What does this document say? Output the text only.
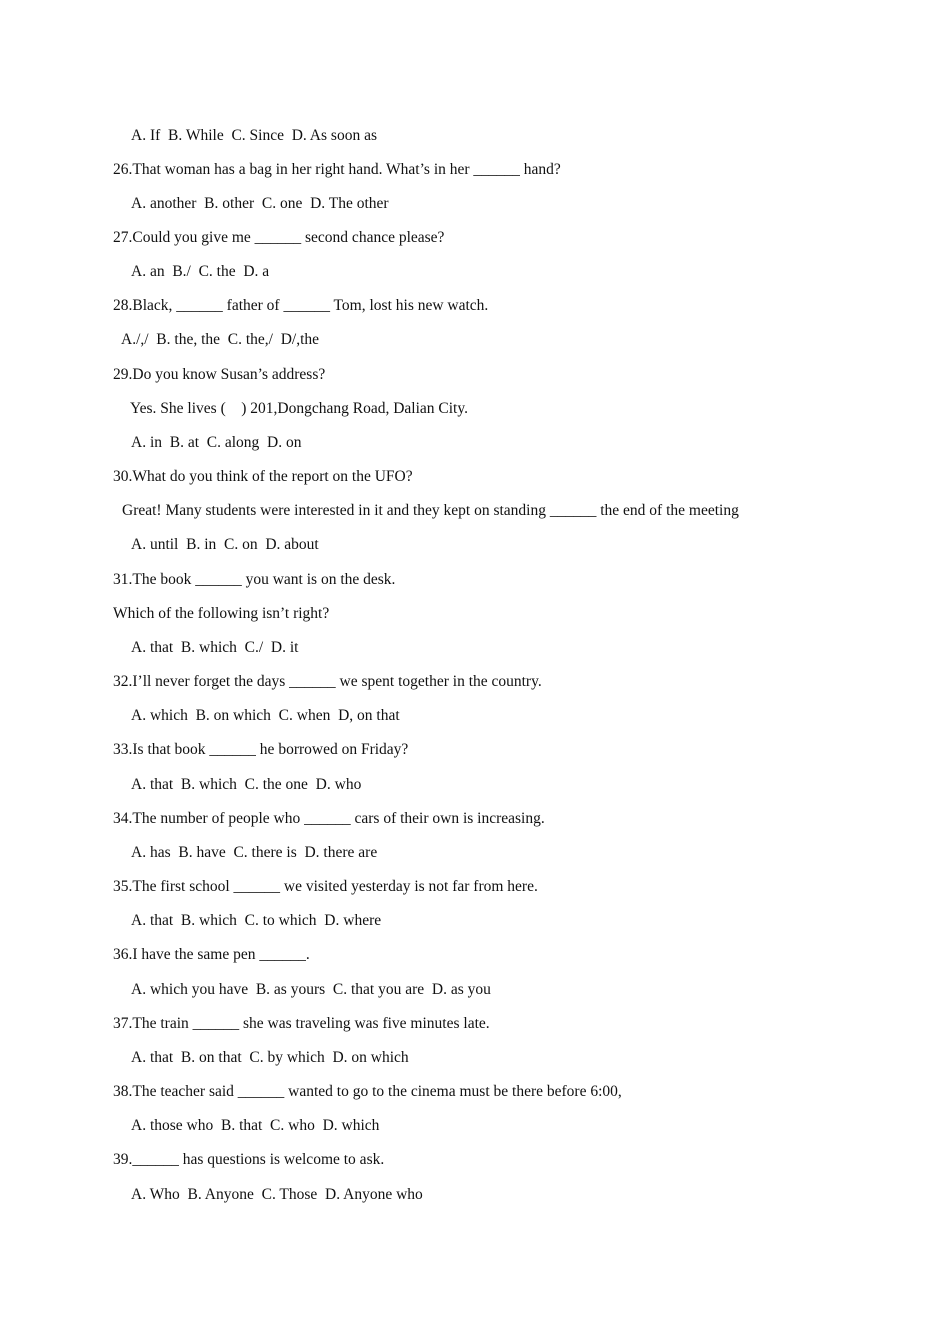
A. If  B. While  C. Since  D. As soon as
26.That woman has a bag in her right hand. What’s in her ______ hand?
A. another  B. other  C. one  D. The other
27.Could you give me ______ second chance please?
A. an  B./  C. the  D. a
28.Black, ______ father of ______ Tom, lost his new watch.
A./,/  B. the, the  C. the,/  D/,the
29.Do you know Susan’s address?
Yes. She lives (    ) 201,Dongchang Road, Dalian City.
A. in  B. at  C. along  D. on
30.What do you think of the report on the UFO?
Great! Many students were interested in it and they kept on standing ______ the end of the meeting
A. until  B. in  C. on  D. about
31.The book ______ you want is on the desk.
Which of the following isn’t right?
A. that  B. which  C./  D. it
32.I’ll never forget the days ______ we spent together in the country.
A. which  B. on which  C. when  D, on that
33.Is that book ______ he borrowed on Friday?
A. that  B. which  C. the one  D. who
34.The number of people who ______ cars of their own is increasing.
A. has  B. have  C. there is  D. there are
35.The first school ______ we visited yesterday is not far from here.
A. that  B. which  C. to which  D. where
36.I have the same pen ______.
A. which you have  B. as yours  C. that you are  D. as you
37.The train ______ she was traveling was five minutes late.
A. that  B. on that  C. by which  D. on which
38.The teacher said ______ wanted to go to the cinema must be there before 6:00,
A. those who  B. that  C. who  D. which
39.______ has questions is welcome to ask.
A. Who  B. Anyone  C. Those  D. Anyone who
